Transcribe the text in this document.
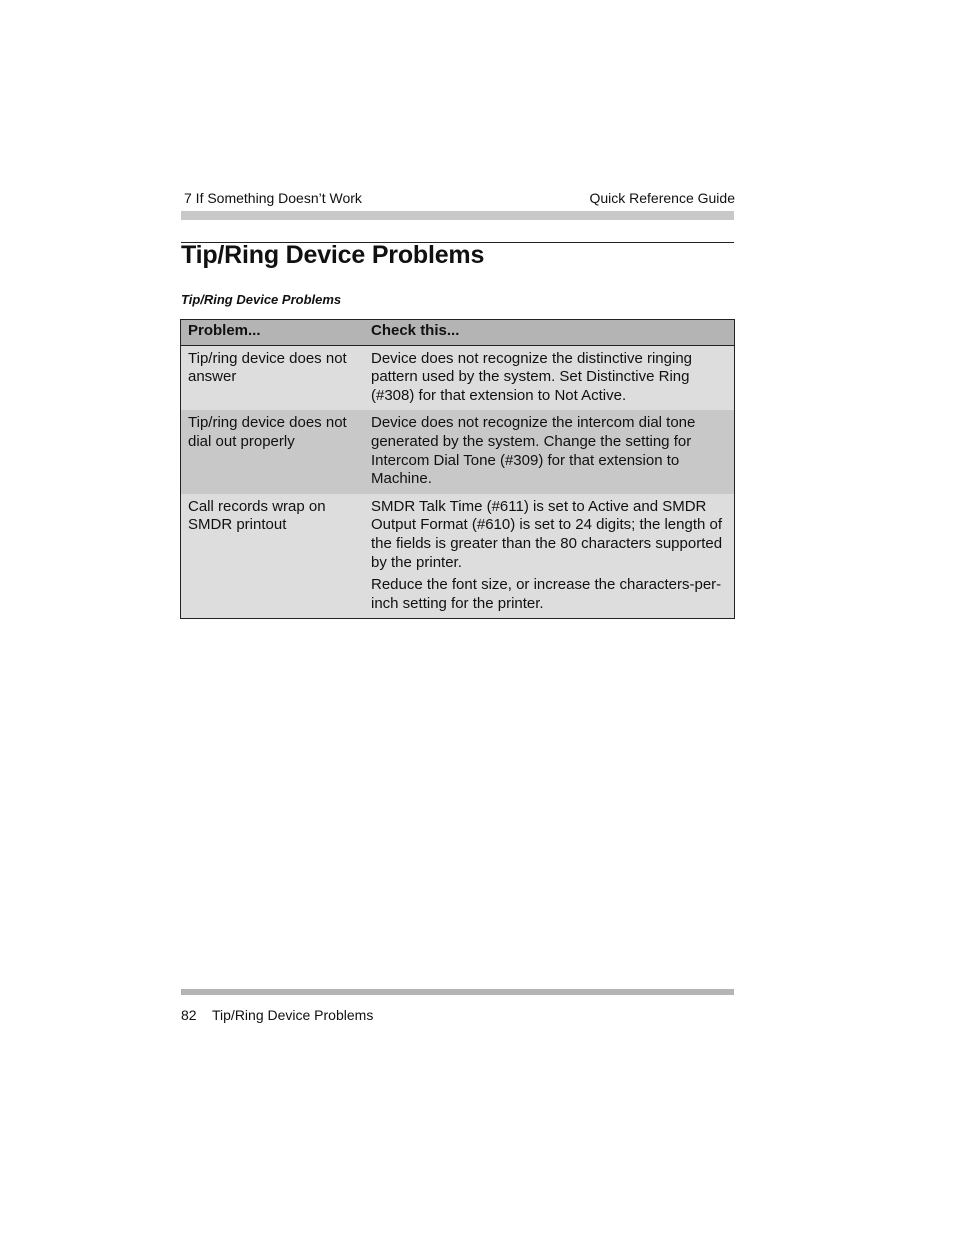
7 If Something Doesn’t Work	Quick Reference Guide
Tip/Ring Device Problems
Tip/Ring Device Problems
Problem...	Check this...
Tip/ring device does not answer	Device does not recognize the distinctive ringing pattern used by the system. Set Distinctive Ring (#308) for that extension to Not Active.

Tip/ring device does not dial out properly	Device does not recognize the intercom dial tone generated by the system. Change the setting for Intercom Dial Tone (#309) for that extension to Machine.

Call records wrap on SMDR printout	SMDR Talk Time (#611) is set to Active and SMDR Output Format (#610) is set to 24 digits; the length of the fields is greater than the 80 characters supported by the printer.
Reduce the font size, or increase the characters-per-inch setting for the printer.
82 Tip/Ring Device Problems
